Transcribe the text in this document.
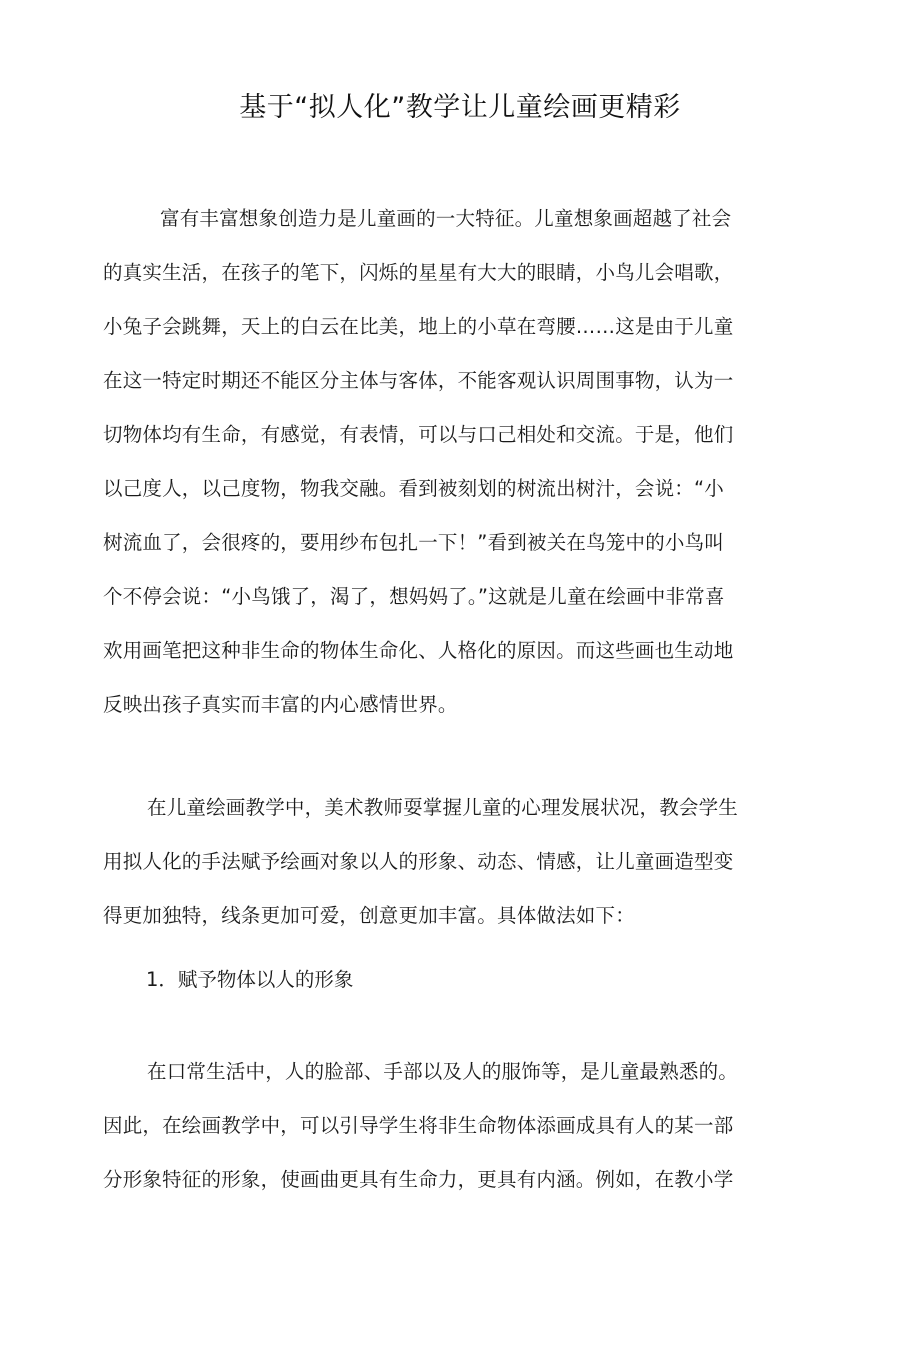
基于“拟人化”教学让儿童绘画更精彩
富有丰富想象创造力是儿童画的一大特征。儿童想象画超越了社会
的真实生活，在孩子的笔下，闪烁的星星有大大的眼睛，小鸟儿会唱歌，
小兔子会跳舞，天上的白云在比美，地上的小草在弯腰……这是由于儿童
在这一特定时期还不能区分主体与客体，不能客观认识周围事物，认为一
切物体均有生命，有感觉，有表情，可以与口己相处和交流。于是，他们
以己度人，以己度物，物我交融。看到被刻划的树流出树汁，会说：“小
树流血了，会很疼的，要用纱布包扎一下！”看到被关在鸟笼中的小鸟叫
个不停会说：“小鸟饿了，渴了，想妈妈了。”这就是儿童在绘画中非常喜
欢用画笔把这种非生命的物体生命化、人格化的原因。而这些画也生动地
反映出孩子真实而丰富的内心感情世界。
在儿童绘画教学中，美术教师耍掌握儿童的心理发展状况，教会学生
用拟人化的手法赋予绘画对象以人的形象、动态、情感，让儿童画造型变
得更加独特，线条更加可爱，创意更加丰富。具体做法如下：
1．赋予物体以人的形象
在口常生活中，人的脸部、手部以及人的服饰等，是儿童最熟悉的。
因此，在绘画教学中，可以引导学生将非生命物体添画成具有人的某一部
分形象特征的形象，使画曲更具有生命力，更具有内涵。例如，在教小学
